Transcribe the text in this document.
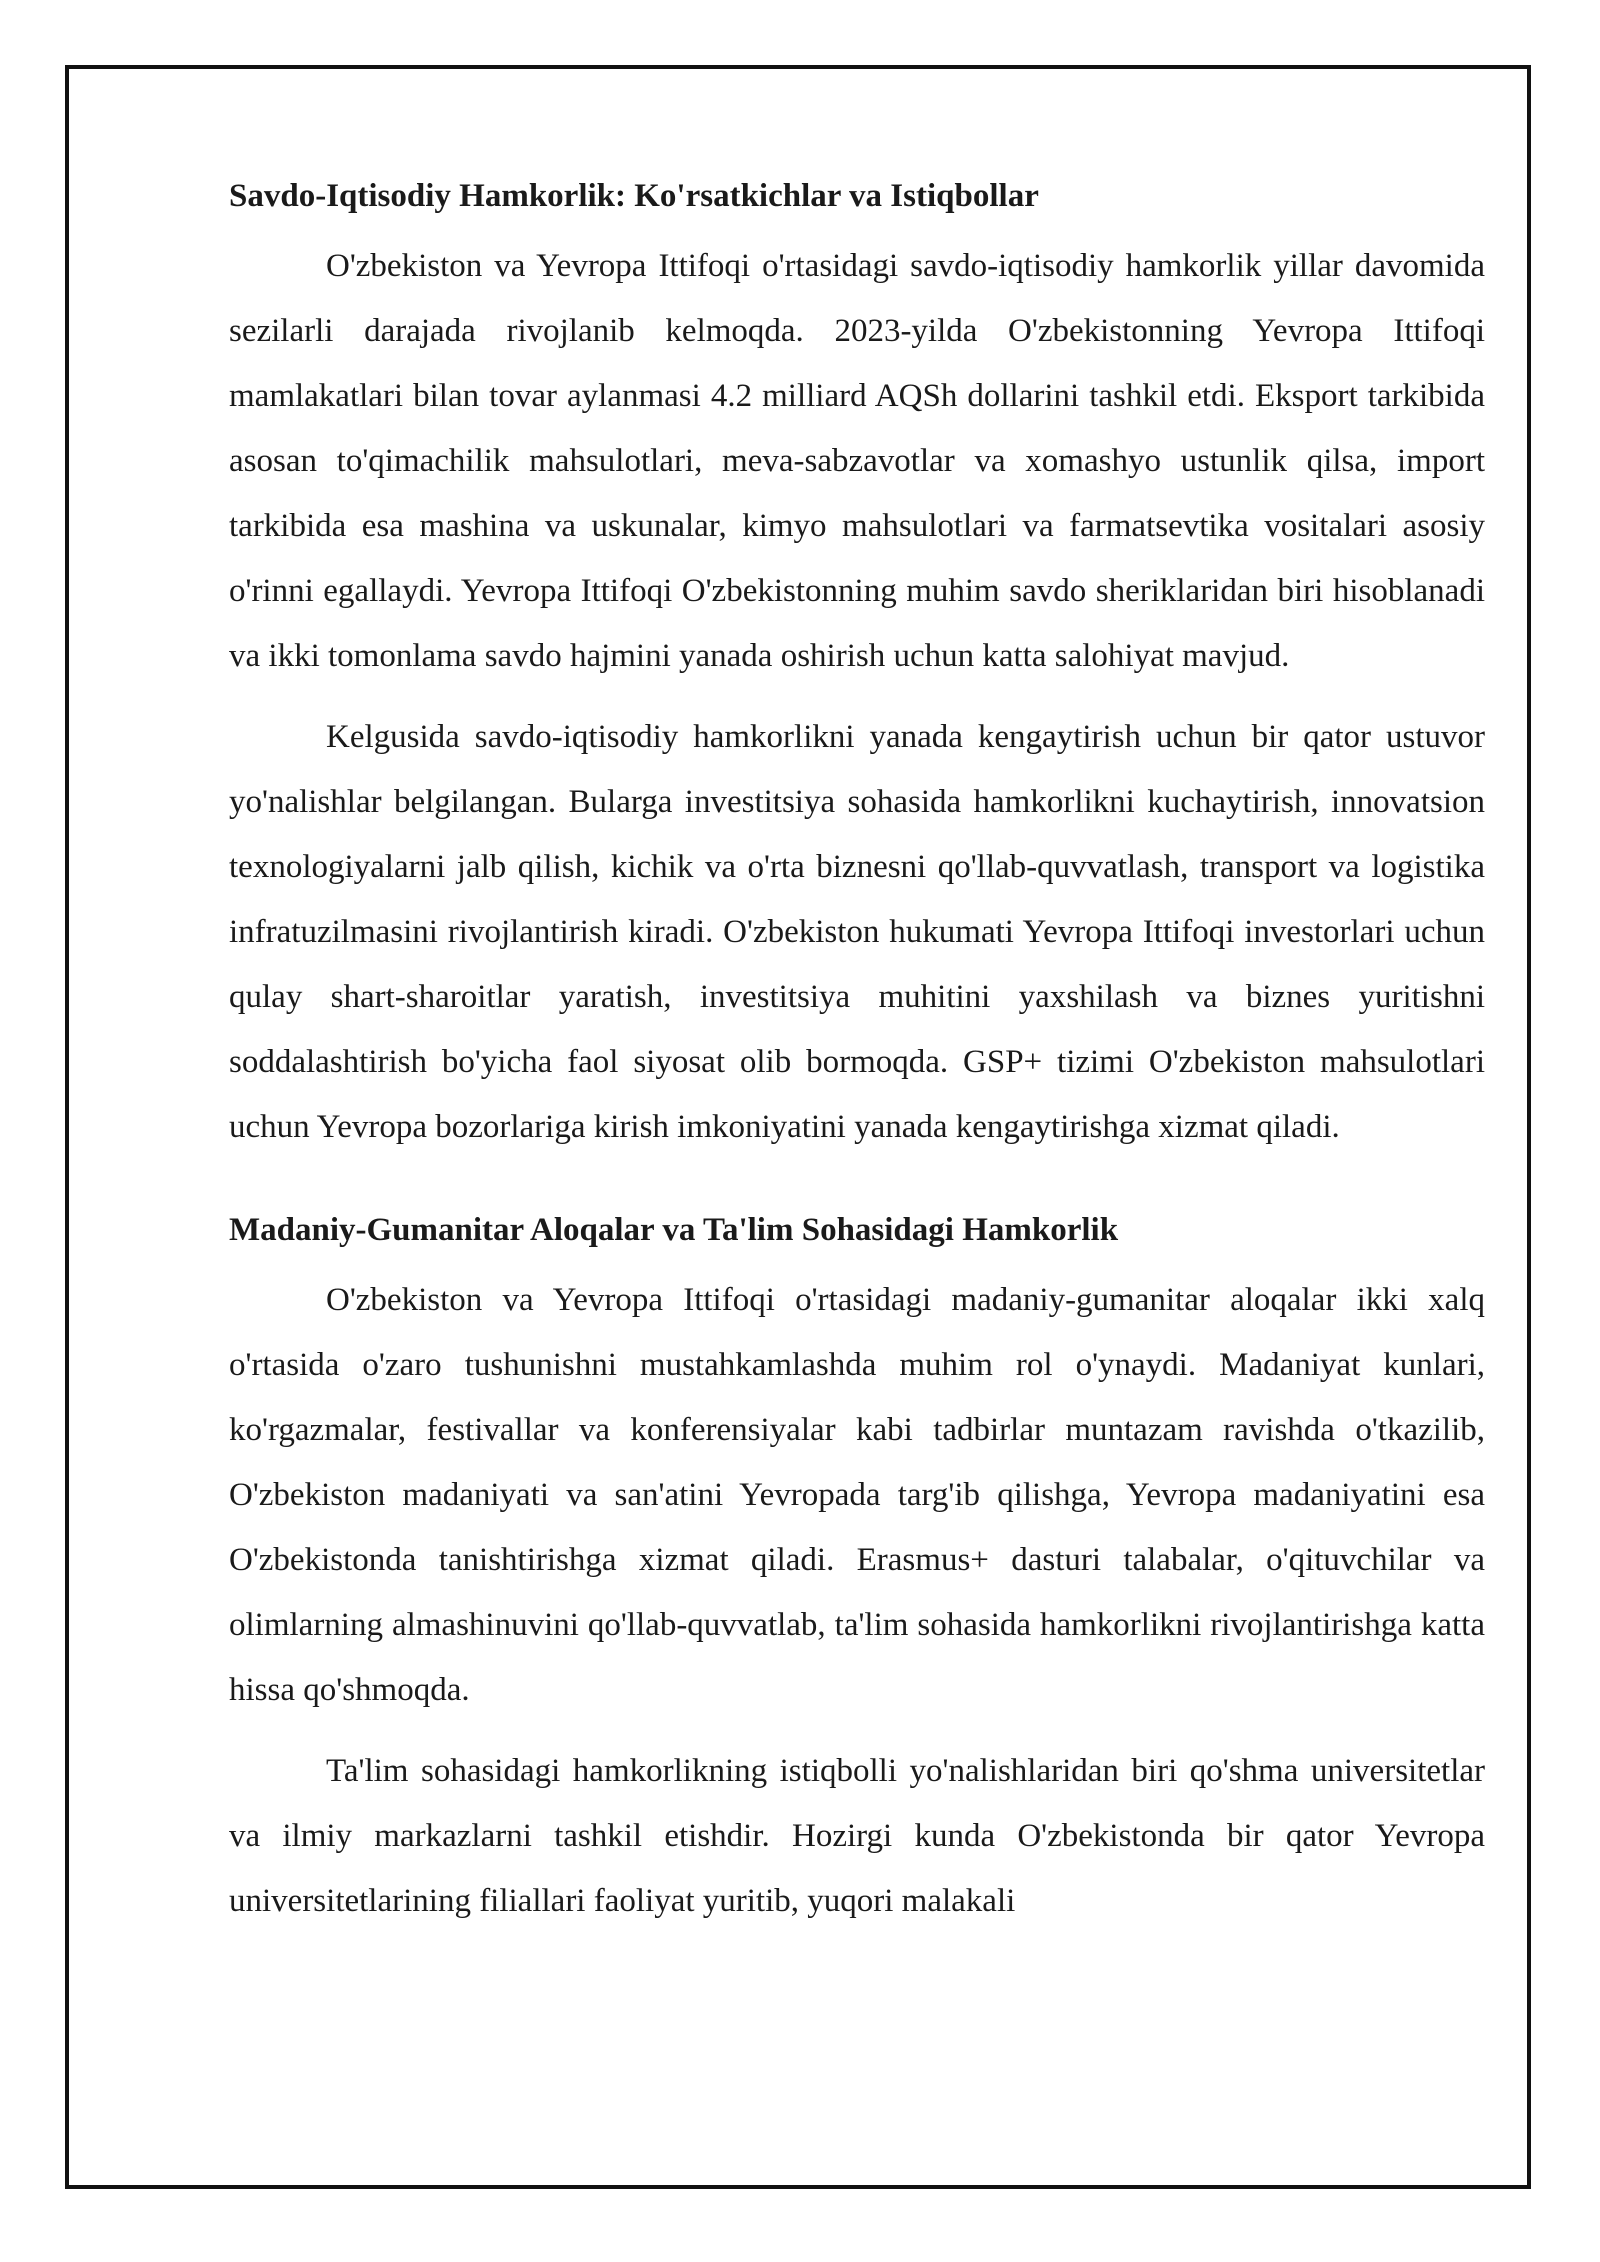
Savdo-Iqtisodiy Hamkorlik: Ko'rsatkichlar va Istiqbollar

O'zbekiston va Yevropa Ittifoqi o'rtasidagi savdo-iqtisodiy hamkorlik yillar davomida sezilarli darajada rivojlanib kelmoqda. 2023-yilda O'zbekistonning Yevropa Ittifoqi mamlakatlari bilan tovar aylanmasi 4.2 milliard AQSh dollarini tashkil etdi. Eksport tarkibida asosan to'qimachilik mahsulotlari, meva-sabzavotlar va xomashyo ustunlik qilsa, import tarkibida esa mashina va uskunalar, kimyo mahsulotlari va farmatsevtika vositalari asosiy o'rinni egallaydi. Yevropa Ittifoqi O'zbekistonning muhim savdo sheriklaridan biri hisoblanadi va ikki tomonlama savdo hajmini yanada oshirish uchun katta salohiyat mavjud.

Kelgusida savdo-iqtisodiy hamkorlikni yanada kengaytirish uchun bir qator ustuvor yo'nalishlar belgilangan. Bularga investitsiya sohasida hamkorlikni kuchaytirish, innovatsion texnologiyalarni jalb qilish, kichik va o'rta biznesni qo'llab-quvvatlash, transport va logistika infratuzilmasini rivojlantirish kiradi. O'zbekiston hukumati Yevropa Ittifoqi investorlari uchun qulay shart-sharoitlar yaratish, investitsiya muhitini yaxshilash va biznes yuritishni soddalashtirish bo'yicha faol siyosat olib bormoqda. GSP+ tizimi O'zbekiston mahsulotlari uchun Yevropa bozorlariga kirish imkoniyatini yanada kengaytirishga xizmat qiladi.

Madaniy-Gumanitar Aloqalar va Ta'lim Sohasidagi Hamkorlik

O'zbekiston va Yevropa Ittifoqi o'rtasidagi madaniy-gumanitar aloqalar ikki xalq o'rtasida o'zaro tushunishni mustahkamlashda muhim rol o'ynaydi. Madaniyat kunlari, ko'rgazmalar, festivallar va konferensiyalar kabi tadbirlar muntazam ravishda o'tkazilib, O'zbekiston madaniyati va san'atini Yevropada targ'ib qilishga, Yevropa madaniyatini esa O'zbekistonda tanishtirishga xizmat qiladi. Erasmus+ dasturi talabalar, o'qituvchilar va olimlarning almashinuvini qo'llab-quvvatlab, ta'lim sohasida hamkorlikni rivojlantirishga katta hissa qo'shmoqda.

Ta'lim sohasidagi hamkorlikning istiqbolli yo'nalishlaridan biri qo'shma universitetlar va ilmiy markazlarni tashkil etishdir. Hozirgi kunda O'zbekistonda bir qator Yevropa universitetlarining filiallari faoliyat yuritib, yuqori malakali
